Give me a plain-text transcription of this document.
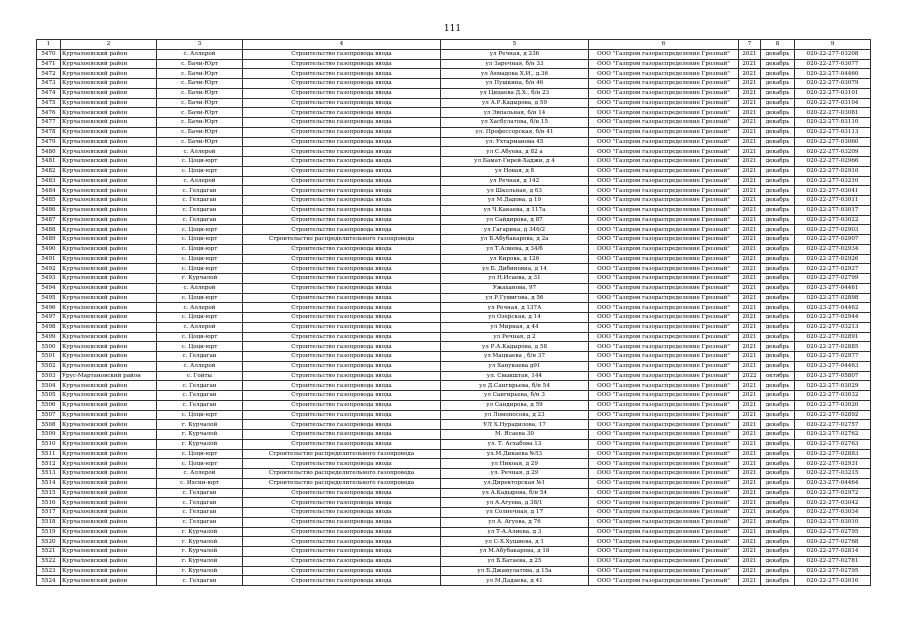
111
1	2	3	4	5	6	7	8	9
5470	Курчалоевский район	с. Аллерой	Строительство газопровода ввода	ул Речная, д 236	ООО "Газпром газораспределение Грозный"	2021	декабрь	020-22-277-03208
5471	Курчалоевский район	с. Бачи-Юрт	Строительство газопровода ввода	ул Заречная, б/н 33	ООО "Газпром газораспределение Грозный"	2021	декабрь	020-22-277-03077
5472	Курчалоевский район	с. Бачи-Юрт	Строительство газопровода ввода	ул Ахмадова Х.И., д.36	ООО "Газпром газораспределение Грозный"	2021	декабрь	020-22-277-04460
5473	Курчалоевский район	с. Бачи-Юрт	Строительство газопровода ввода	ул Пушкина, б/н 46	ООО "Газпром газораспределение Грозный"	2021	декабрь	020-22-277-03079
5474	Курчалоевский район	с. Бачи-Юрт	Строительство газопровода ввода	ул Цицаева Д.Х., б/н 23	ООО "Газпром газораспределение Грозный"	2021	декабрь	020-22-277-03101
5475	Курчалоевский район	с. Бачи-Юрт	Строительство газопровода ввода	ул А.Р.Кадырова, д 59	ООО "Газпром газораспределение Грозный"	2021	декабрь	020-22-277-03104
5476	Курчалоевский район	с. Бачи-Юрт	Строительство газопровода ввода	ул Эвпальная, б/н 14	ООО "Газпром газораспределение Грозный"	2021	декабрь	020-22-277-03081
5477	Курчалоевский район	с. Бачи-Юрт	Строительство газопровода ввода	ул Хасбулатова, б/н 15	ООО "Газпром газораспределение Грозный"	2021	декабрь	020-22-277-03110
5478	Курчалоевский район	с. Бачи-Юрт	Строительство газопровода ввода	ул. Профессорская, б/н 41	ООО "Газпром газораспределение Грозный"	2021	декабрь	020-22-277-03113
5479	Курчалоевский район	с. Бачи-Юрт	Строительство газопровода ввода	ул. Ухтарманова 45	ООО "Газпром газораспределение Грозный"	2021	декабрь	020-22-277-03060
5480	Курчалоевский район	с. Аллерой	Строительство газопровода ввода	ул С.Абуева, д 82 а	ООО "Газпром газораспределение Грозный"	2021	декабрь	020-22-277-03209
5481	Курчалоевский район	с. Цоци-юрт	Строительство газопровода ввода	ул Бамат-Гирей-Хаджи, д 4	ООО "Газпром газораспределение Грозный"	2021	декабрь	020-22-277-02966
5482	Курчалоевский район	с. Цоци-юрт	Строительство газопровода ввода	ул Новая, д 8	ООО "Газпром газораспределение Грозный"	2021	декабрь	020-22-277-02910
5483	Курчалоевский район	с. Аллерой	Строительство газопровода ввода	ул Речная, д 142	ООО "Газпром газораспределение Грозный"	2021	декабрь	020-22-277-03210
5484	Курчалоевский район	с. Гелдаган	Строительство газопровода ввода	ул Школьная, д 63	ООО "Газпром газораспределение Грозный"	2021	декабрь	020-22-277-03041
5485	Курчалоевский район	с. Гелдаган	Строительство газопровода ввода	ул М.Дадова, д 19	ООО "Газпром газораспределение Грозный"	2021	декабрь	020-22-277-03011
5486	Курчалоевский район	с. Гелдаган	Строительство газопровода ввода	ул Ч.Какаева, д 117а	ООО "Газпром газораспределение Грозный"	2021	декабрь	020-22-277-03017
5487	Курчалоевский район	с. Гелдаган	Строительство газопровода ввода	ул Сайдирова, д 87	ООО "Газпром газораспределение Грозный"	2021	декабрь	020-22-277-03022
5488	Курчалоевский район	с. Цоци-юрт	Строительство газопровода ввода	ул Гагарина, д 346/2	ООО "Газпром газораспределение Грозный"	2021	декабрь	020-22-277-02903
5489	Курчалоевский район	с. Цоци-юрт	Строительство распределительного газопровода	ул Б.Абубакарова, д 2а	ООО "Газпром газораспределение Грозный"	2021	декабрь	020-22-277-02907
5490	Курчалоевский район	с. Цоци-юрт	Строительство газопровода ввода	ул Т.Алиева, д 34/б	ООО "Газпром газораспределение Грозный"	2021	декабрь	020-22-277-02934
5491	Курчалоевский район	с. Цоци-юрт	Строительство газопровода ввода	ул Кирова, д 126	ООО "Газпром газораспределение Грозный"	2021	декабрь	020-22-277-02926
5492	Курчалоевский район	с. Цоци-юрт	Строительство газопровода ввода	ул Б. Дибиновна, д 14	ООО "Газпром газораспределение Грозный"	2021	декабрь	020-22-277-02927
5493	Курчалоевский район	г. Курчалой	Строительство газопровода ввода	ул Н.Исаева, д 31	ООО "Газпром газораспределение Грозный"	2021	декабрь	020-22-277-02799
5494	Курчалоевский район	с. Аллерой	Строительство газопровода ввода	Ужаханова, 97	ООО "Газпром газораспределение Грозный"	2021	декабрь	020-23-277-04461
5495	Курчалоевский район	с. Цоци-юрт	Строительство газопровода ввода	ул Р.Гумигова, д 56	ООО "Газпром газораспределение Грозный"	2021	декабрь	020-22-277-02898
5496	Курчалоевский район	с. Аллерой	Строительство газопровода ввода	ул Речная, д 137А	ООО "Газпром газораспределение Грозный"	2021	декабрь	020-23-277-04462
5497	Курчалоевский район	с. Цоци-юрт	Строительство газопровода ввода	ул Озерская, д 14	ООО "Газпром газораспределение Грозный"	2021	декабрь	020-22-277-02944
5498	Курчалоевский район	с. Аллерой	Строительство газопровода ввода	ул Мирная, д 44	ООО "Газпром газораспределение Грозный"	2021	декабрь	020-22-277-03213
5499	Курчалоевский район	с. Цоци-юрт	Строительство газопровода ввода	ул Речная, д 2	ООО "Газпром газораспределение Грозный"	2021	декабрь	020-22-277-02891
5500	Курчалоевский район	с. Цоци-юрт	Строительство газопровода ввода	ул Р.А.Кадырова, д 58	ООО "Газпром газораспределение Грозный"	2021	декабрь	020-22-277-02885
5501	Курчалоевский район	с. Гелдаган	Строительство газопровода ввода	ул Мацкаева , б/н 37	ООО "Газпром газораспределение Грозный"	2021	декабрь	020-22-277-02977
5502	Курчалоевский район	с. Аллерой	Строительство газопровода ввода	ул Ханукаева д91	ООО "Газпром газораспределение Грозный"	2021	декабрь	020-23-277-04463
5503	Урус-Мартановский район	с. Гойты	Строительство газопровода ввода	ул. Свыкштая, 144	ООО "Газпром газораспределение Грозный"	2022	октябрь	020-23-277-05807
5504	Курчалоевский район	с. Гелдаган	Строительство газопровода ввода	ул Д.Сангирьева, б/н 54	ООО "Газпром газораспределение Грозный"	2021	декабрь	020-22-277-03029
5505	Курчалоевский район	с. Гелдаган	Строительство газопровода ввода	ул Сангирьева, б/н 3	ООО "Газпром газораспределение Грозный"	2021	декабрь	020-22-277-03032
5506	Курчалоевский район	с. Гелдаган	Строительство газопровода ввода	ул Сандирова, д 59	ООО "Газпром газораспределение Грозный"	2021	декабрь	020-22-277-03020
5507	Курчалоевский район	с. Цоци-юрт	Строительство газопровода ввода	ул Ломоносова, д 23	ООО "Газпром газораспределение Грозный"	2021	декабрь	020-22-277-02892
5508	Курчалоевский район	г. Курчалой	Строительство газопровода ввода	УЛ Х.Нурадилова, 17	ООО "Газпром газораспределение Грозный"	2021	декабрь	020-22-277-02757
5509	Курчалоевский район	г. Курчалой	Строительство газопровода ввода	М. Ясаева 30	ООО "Газпром газораспределение Грозный"	2021	декабрь	020-22-277-02762
5510	Курчалоевский район	г. Курчалой	Строительство газопровода ввода	ул. Т. Асхабова 13	ООО "Газпром газораспределение Грозный"	2021	декабрь	020-22-277-02763
5511	Курчалоевский район	с. Цоци-юрт	Строительство распределительного газопровода	ул.М.Дикаева №53	ООО "Газпром газораспределение Грозный"	2021	декабрь	020-22-277-02883
5512	Курчалоевский район	с. Цоци-юрт	Строительство газопровода ввода	ул Никоая, д 29	ООО "Газпром газораспределение Грозный"	2021	декабрь	020-22-277-02931
5513	Курчалоевский район	с. Аллерой	Строительство распределительного газопровода	ул. Речная, д 29	ООО "Газпром газораспределение Грозный"	2021	декабрь	020-22-277-03215
5514	Курчалоевский район	с. Ихсни-юрт	Строительство распределительного газопровода	ул.Директорская №1	ООО "Газпром газораспределение Грозный"	2021	декабрь	020-23-277-04464
5515	Курчалоевский район	с. Гелдаган	Строительство газопровода ввода	ул А.Кадырова, б/н 54	ООО "Газпром газораспределение Грозный"	2021	декабрь	020-22-277-02972
5516	Курчалоевский район	с. Гелдаган	Строительство газопровода ввода	ул А.Агуева, д 38/1	ООО "Газпром газораспределение Грозный"	2021	декабрь	020-22-277-03042
5517	Курчалоевский район	с. Гелдаган	Строительство газопровода ввода	ул Солнечная, д 17	ООО "Газпром газораспределение Грозный"	2021	декабрь	020-22-277-03034
5518	Курчалоевский район	с. Гелдаган	Строительство газопровода ввода	ул А. Агуева, д 76	ООО "Газпром газораспределение Грозный"	2021	декабрь	020-22-277-03010
5519	Курчалоевский район	г. Курчалой	Строительство газопровода ввода	ул Т-А.Алиева, д 3	ООО "Газпром газораспределение Грозный"	2021	декабрь	020-22-277-02795
5520	Курчалоевский район	г. Курчалой	Строительство газопровода ввода	ул С-Х.Хушиева, д 1	ООО "Газпром газораспределение Грозный"	2021	декабрь	020-22-277-02768
5521	Курчалоевский район	г. Курчалой	Строительство газопровода ввода	ул М.Абубакарова, д 18	ООО "Газпром газораспределение Грозный"	2021	декабрь	020-22-277-02814
5522	Курчалоевский район	г. Курчалой	Строительство газопровода ввода	ул Б.Батаева, д 25	ООО "Газпром газораспределение Грозный"	2021	декабрь	020-22-277-02781
5523	Курчалоевский район	г. Курчалой	Строительство газопровода ввода	ул Б.Джамулатова, д 15а	ООО "Газпром газораспределение Грозный"	2021	декабрь	020-22-277-02795
5524	Курчалоевский район	с. Гелдаган	Строительство газопровода ввода	ул М.Дадаева, д 41	ООО "Газпром газораспределение Грозный"	2021	декабрь	020-22-277-03016
